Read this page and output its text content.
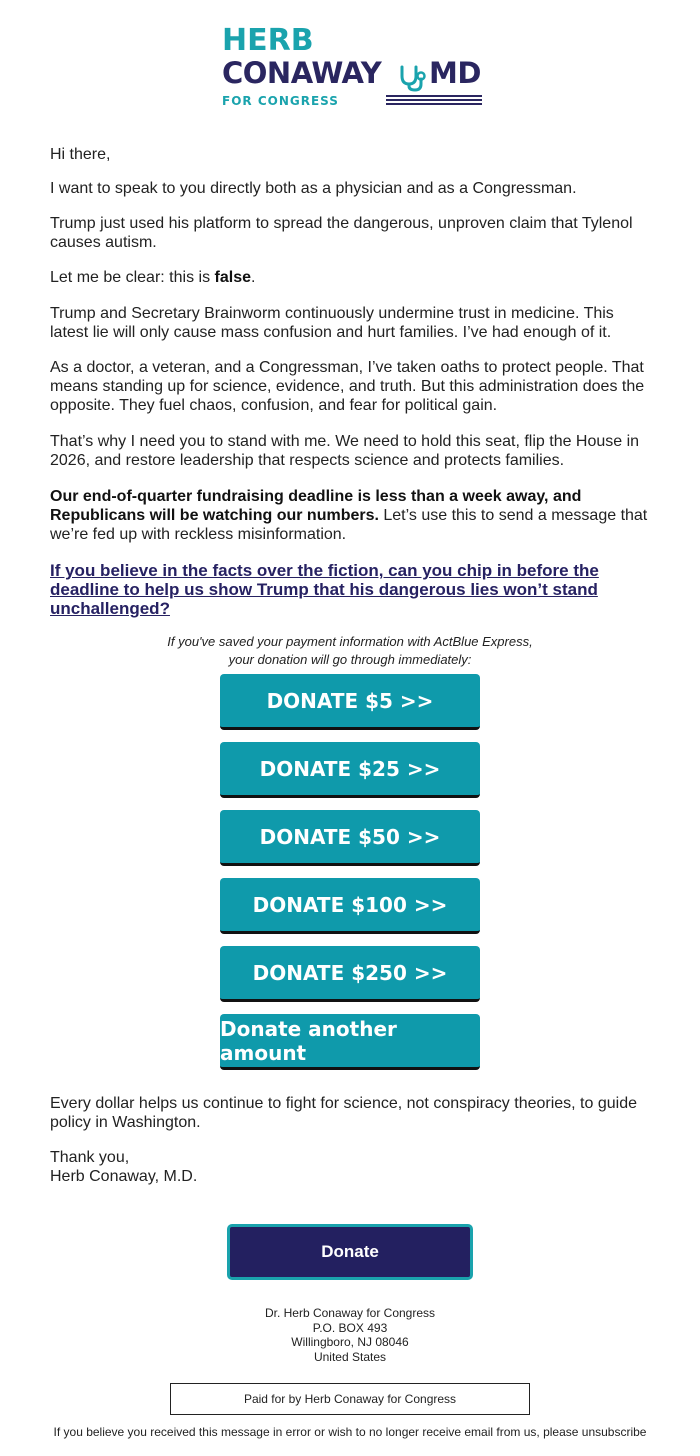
HERB
CONAWAY MD
FOR CONGRESS

Hi there,

I want to speak to you directly both as a physician and as a Congressman.

Trump just used his platform to spread the dangerous, unproven claim that Tylenol causes autism.

Let me be clear: this is false.

Trump and Secretary Brainworm continuously undermine trust in medicine. This latest lie will only cause mass confusion and hurt families. I’ve had enough of it.

As a doctor, a veteran, and a Congressman, I’ve taken oaths to protect people. That means standing up for science, evidence, and truth. But this administration does the opposite. They fuel chaos, confusion, and fear for political gain.

That’s why I need you to stand with me. We need to hold this seat, flip the House in 2026, and restore leadership that respects science and protects families.

Our end-of-quarter fundraising deadline is less than a week away, and Republicans will be watching our numbers. Let’s use this to send a message that we’re fed up with reckless misinformation.

If you believe in the facts over the fiction, can you chip in before the deadline to help us show Trump that his dangerous lies won’t stand unchallenged?

If you've saved your payment information with ActBlue Express,

your donation will go through immediately:

DONATE $5 >>
DONATE $25 >>
DONATE $50 >>
DONATE $100 >>
DONATE $250 >>
Donate another amount

Every dollar helps us continue to fight for science, not conspiracy theories, to guide policy in Washington.

Thank you,

Herb Conaway, M.D.

Donate
Dr. Herb Conaway for Congress
P.O. BOX 493
Willingboro, NJ 08046
United States
Paid for by Herb Conaway for Congress
If you believe you received this message in error or wish to no longer receive email from us, please unsubscribe
